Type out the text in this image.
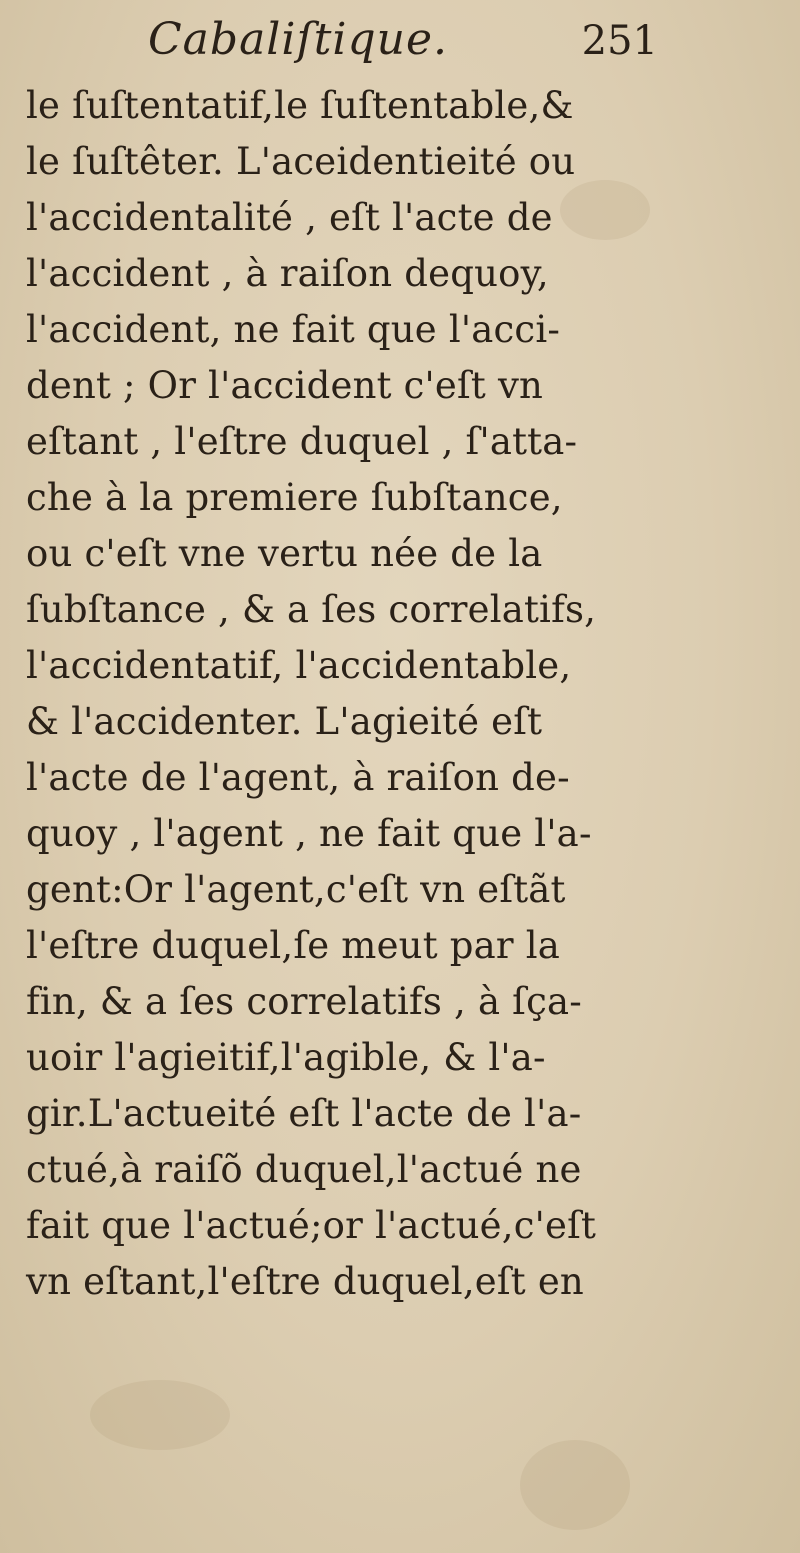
Cabaliſtique.	251
le ſuſtentatif,le ſuſtentable,&
le ſuſtêter. L'aceidentieité ou
l'accidentalité , eſt l'acte de
l'accident , à raiſon dequoy,
l'accident, ne fait que l'acci-
dent ; Or l'accident c'eſt vn
eſtant , l'eſtre duquel , ſ'atta-
che à la premiere ſubſtance,
ou c'eſt vne vertu née de la
ſubſtance , & a ſes correlatifs,
l'accidentatif, l'accidentable,
& l'accidenter. L'agieité eſt
l'acte de l'agent, à raiſon de-
quoy , l'agent , ne fait que l'a-
gent:Or l'agent,c'eſt vn eſtãt
l'eſtre duquel,ſe meut par la
fin, & a ſes correlatifs , à ſça-
uoir l'agieitif,l'agible, & l'a-
gir.L'actueité eſt l'acte de l'a-
ctué,à raiſõ duquel,l'actué ne
fait que l'actué;or l'actué,c'eſt
vn eſtant,l'eſtre duquel,eſt en
